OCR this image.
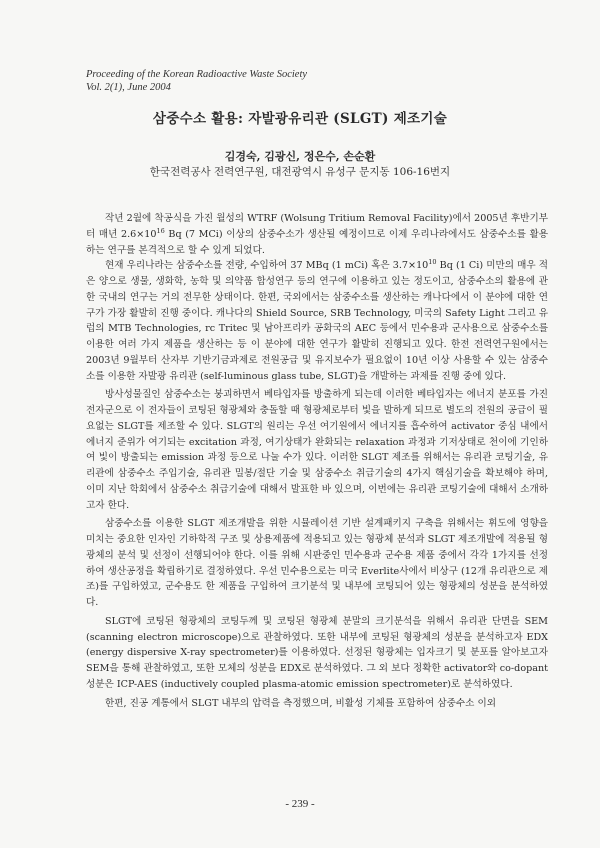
Proceeding of the Korean Radioactive Waste Society
Vol. 2(1), June 2004
삼중수소 활용: 자발광유리관 (SLGT) 제조기술
김경숙, 김광신, 정은수, 손순환
한국전력공사 전력연구원, 대전광역시 유성구 문지동 106-16번지

작년 2월에 착공식을 가진 월성의 WTRF (Wolsung Tritium Removal Facility)에서 2005년 후반기부터 매년 $2.6\times 10^{16}$ Bq (7 MCi) 이상의 삼중수소가 생산될 예정이므로 이제 우리나라에서도 삼중수소를 활용하는 연구를 본격적으로 할 수 있게 되었다.

현재 우리나라는 삼중수소를 전량, 수입하여 37 MBq (1 mCi) 혹은 $3.7\times 10^{10}$ Bq (1 Ci) 미만의 매우 적은 양으로 생물, 생화학, 농학 및 의약품 합성연구 등의 연구에 이용하고 있는 정도이고, 삼중수소의 활용에 관한 국내의 연구는 거의 전무한 상태이다. 한편, 국외에서는 삼중수소를 생산하는 캐나다에서 이 분야에 대한 연구가 가장 활발히 진행 중이다. 캐나다의 Shield Source, SRB Technology, 미국의 Safety Light 그리고 유럽의 MTB Technologies, rc Tritec 및 남아프리카 공화국의 AEC 등에서 민수용과 군사용으로 삼중수소를 이용한 여러 가지 제품을 생산하는 등 이 분야에 대한 연구가 활발히 진행되고 있다. 한전 전력연구원에서는 2003년 9월부터 산자부 기반기금과제로 전원공급 및 유지보수가 필요없이 10년 이상 사용할 수 있는 삼중수소를 이용한 자발광 유리관 (self-luminous glass tube, SLGT)을 개발하는 과제를 진행 중에 있다.

방사성물질인 삼중수소는 붕괴하면서 베타입자를 방출하게 되는데 이러한 베타입자는 에너지 분포를 가진 전자군으로 이 전자들이 코팅된 형광체와 충돌할 때 형광체로부터 빛을 발하게 되므로 별도의 전원의 공급이 필요없는 SLGT를 제조할 수 있다. SLGT의 원리는 우선 여기원에서 에너지를 흡수하여 activator 중심 내에서 에너지 준위가 여기되는 excitation 과정, 여기상태가 완화되는 relaxation 과정과 기저상태로 천이에 기인하여 빛이 방출되는 emission 과정 등으로 나눌 수가 있다. 이러한 SLGT 제조를 위해서는 유리관 코팅기술, 유리관에 삼중수소 주입기술, 유리관 밀봉/절단 기술 및 삼중수소 취급기술의 4가지 핵심기술을 확보해야 하며, 이미 지난 학회에서 삼중수소 취급기술에 대해서 발표한 바 있으며, 이번에는 유리관 코팅기술에 대해서 소개하고자 한다.

삼중수소를 이용한 SLGT 제조개발을 위한 시뮬레이션 기반 설계패키지 구축을 위해서는 휘도에 영향을 미치는 중요한 인자인 기하학적 구조 및 상용제품에 적용되고 있는 형광체 분석과 SLGT 제조개발에 적용될 형광체의 분석 및 선정이 선행되어야 한다. 이를 위해 시판중인 민수용과 군수용 제품 중에서 각각 1가지를 선정하여 생산공정을 확립하기로 결정하였다. 우선 민수용으로는 미국 Everlite사에서 비상구 (12개 유리관으로 제조)를 구입하였고, 군수용도 한 제품을 구입하여 크기분석 및 내부에 코팅되어 있는 형광체의 성분을 분석하였다.

SLGT에 코팅된 형광체의 코팅두께 및 코팅된 형광체 분말의 크기분석을 위해서 유리관 단면을 SEM (scanning electron microscope)으로 관찰하였다. 또한 내부에 코팅된 형광체의 성분을 분석하고자 EDX (energy dispersive X-ray spectrometer)를 이용하였다. 선정된 형광체는 입자크기 및 분포를 알아보고자 SEM을 통해 관찰하였고, 또한 모체의 성분을 EDX로 분석하였다. 그 외 보다 정확한 activator와 co-dopant 성분은 ICP-AES (inductively coupled plasma-atomic emission spectrometer)로 분석하였다.

한편, 진공 계통에서 SLGT 내부의 압력을 측정했으며, 비활성 기체를 포함하여 삼중수소 이외

- 239 -
